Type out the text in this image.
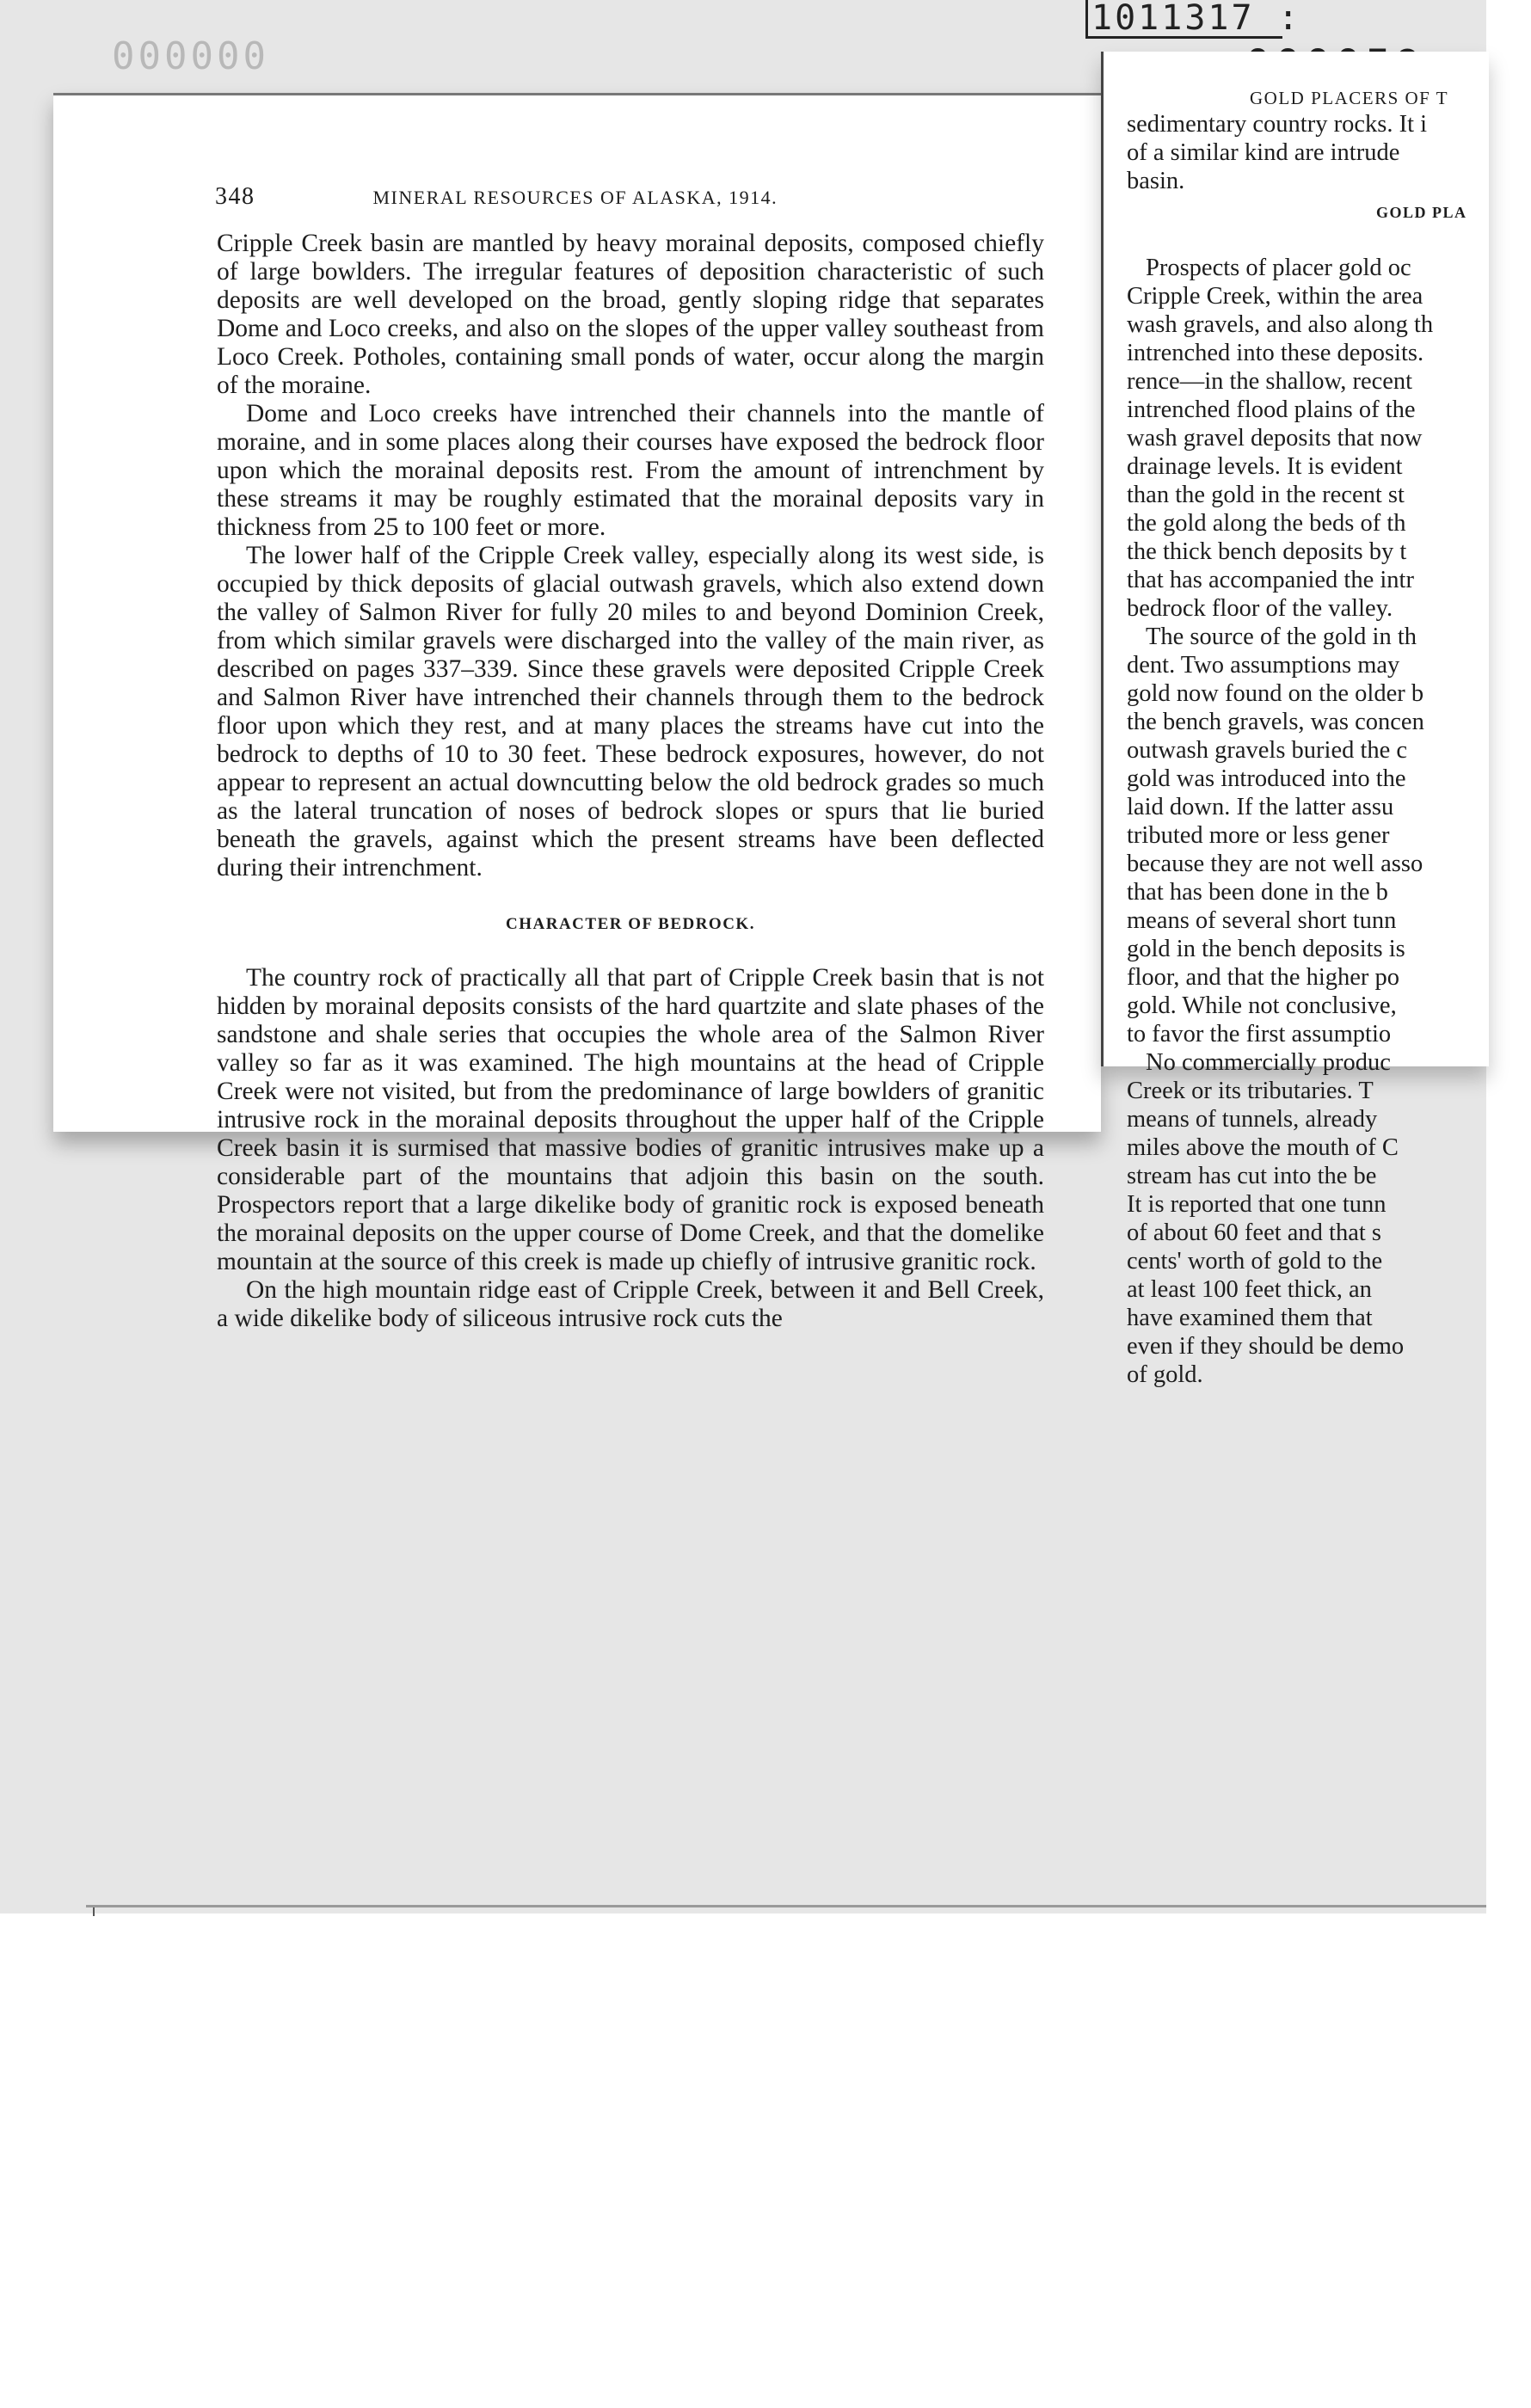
000000
1011317 :
348	MINERAL RESOURCES OF ALASKA, 1914.

Cripple Creek basin are mantled by heavy morainal deposits, composed chiefly of large bowlders. The irregular features of deposition characteristic of such deposits are well developed on the broad, gently sloping ridge that separates Dome and Loco creeks, and also on the slopes of the upper valley southeast from Loco Creek. Potholes, containing small ponds of water, occur along the margin of the moraine.

Dome and Loco creeks have intrenched their channels into the mantle of moraine, and in some places along their courses have exposed the bedrock floor upon which the morainal deposits rest. From the amount of intrenchment by these streams it may be roughly estimated that the morainal deposits vary in thickness from 25 to 100 feet or more.

The lower half of the Cripple Creek valley, especially along its west side, is occupied by thick deposits of glacial outwash gravels, which also extend down the valley of Salmon River for fully 20 miles to and beyond Dominion Creek, from which similar gravels were discharged into the valley of the main river, as described on pages 337–339. Since these gravels were deposited Cripple Creek and Salmon River have intrenched their channels through them to the bedrock floor upon which they rest, and at many places the streams have cut into the bedrock to depths of 10 to 30 feet. These bedrock exposures, however, do not appear to represent an actual downcutting below the old bedrock grades so much as the lateral truncation of noses of bedrock slopes or spurs that lie buried beneath the gravels, against which the present streams have been deflected during their intrenchment.

CHARACTER OF BEDROCK.

The country rock of practically all that part of Cripple Creek basin that is not hidden by morainal deposits consists of the hard quartzite and slate phases of the sandstone and shale series that occupies the whole area of the Salmon River valley so far as it was examined. The high mountains at the head of Cripple Creek were not visited, but from the predominance of large bowlders of granitic intrusive rock in the morainal deposits throughout the upper half of the Cripple Creek basin it is surmised that massive bodies of granitic intrusives make up a considerable part of the mountains that adjoin this basin on the south. Prospectors report that a large dikelike body of granitic rock is exposed beneath the morainal deposits on the upper course of Dome Creek, and that the domelike mountain at the source of this creek is made up chiefly of intrusive granitic rock.

On the high mountain ridge east of Cripple Creek, between it and Bell Creek, a wide dikelike body of siliceous intrusive rock cuts the

GOLD PLACERS OF T
sedimentary country rocks. It i
of a similar kind are intrude
basin.
GOLD PLA
Prospects of placer gold oc
Cripple Creek, within the area
wash gravels, and also along th
intrenched into these deposits.
rence—in the shallow, recent
intrenched flood plains of the
wash gravel deposits that now
drainage levels. It is evident
than the gold in the recent st
the gold along the beds of th
the thick bench deposits by t
that has accompanied the intr
bedrock floor of the valley.
The source of the gold in th
dent. Two assumptions may
gold now found on the older b
the bench gravels, was concen
outwash gravels buried the c
gold was introduced into the
laid down. If the latter assu
tributed more or less gener
because they are not well asso
that has been done in the b
means of several short tunn
gold in the bench deposits is
floor, and that the higher po
gold. While not conclusive,
to favor the first assumptio
No commercially produc
Creek or its tributaries. T
means of tunnels, already
miles above the mouth of C
stream has cut into the be
It is reported that one tunn
of about 60 feet and that s
cents' worth of gold to the
at least 100 feet thick, an
have examined them that
even if they should be demo
of gold.
